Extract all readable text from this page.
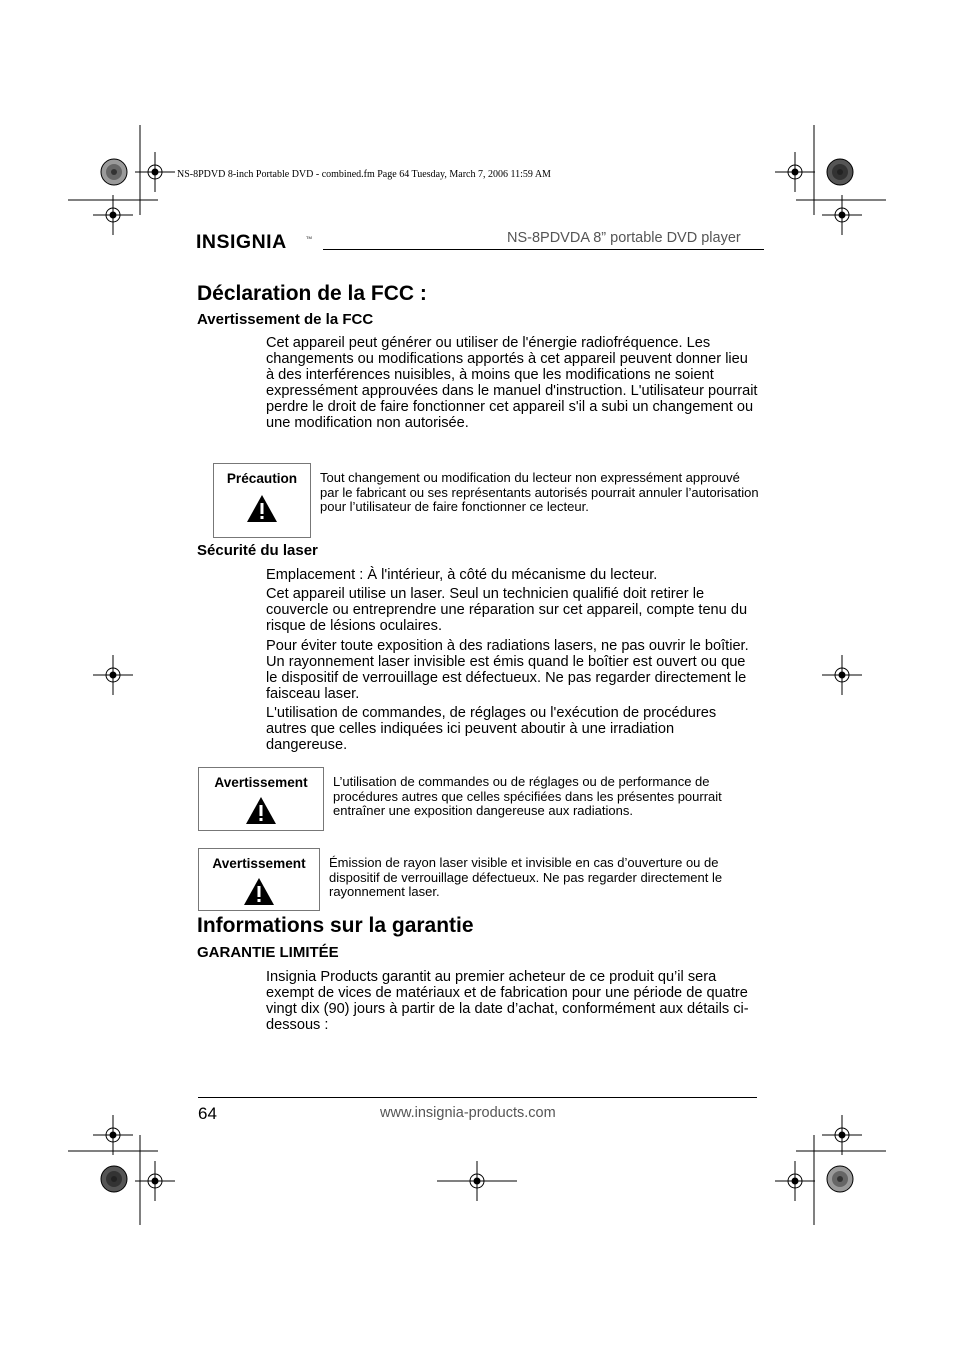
NS-8PDVD 8-inch Portable DVD - combined.fm Page 64 Tuesday, March 7, 2006 11:59 AM
INSIGNIA	TM	NS-8PDVDA 8” portable DVD player
Déclaration de la FCC :
Avertissement de la FCC

Cet appareil peut générer ou utiliser de l'énergie radiofréquence. Les changements ou modifications apportés à cet appareil peuvent donner lieu à des interférences nuisibles, à moins que les modifications ne soient expressément approuvées dans le manuel d'instruction. L'utilisateur pourrait perdre le droit de faire fonctionner cet appareil s'il a subi un changement ou une modification non autorisée.

Précaution	Tout changement ou modification du lecteur non expressément approuvé par le fabricant ou ses représentants autorisés pourrait annuler l’autorisation pour l’utilisateur de faire fonctionner ce lecteur.

Sécurité du laser

Emplacement : À l'intérieur, à côté du mécanisme du lecteur.

Cet appareil utilise un laser. Seul un technicien qualifié doit retirer le couvercle ou entreprendre une réparation sur cet appareil, compte tenu du risque de lésions oculaires.

Pour éviter toute exposition à des radiations lasers, ne pas ouvrir le boîtier. Un rayonnement laser invisible est émis quand le boîtier est ouvert ou que le dispositif de verrouillage est défectueux. Ne pas regarder directement le faisceau laser.

L'utilisation de commandes, de réglages ou l'exécution de procédures autres que celles indiquées ici peuvent aboutir à une irradiation dangereuse.

Avertissement	L’utilisation de commandes ou de réglages ou de performance de procédures autres que celles spécifiées dans les présentes pourrait entraîner une exposition dangereuse aux radiations.

Avertissement	Émission de rayon laser visible et invisible en cas d’ouverture ou de dispositif de verrouillage défectueux. Ne pas regarder directement le rayonnement laser.

Informations sur la garantie
GARANTIE LIMITÉE

Insignia Products garantit au premier acheteur de ce produit qu’il sera exempt de vices de matériaux et de fabrication pour une période de quatre vingt dix (90) jours à partir de la date d’achat, conformément aux détails ci-dessous :

64	www.insignia-products.com
